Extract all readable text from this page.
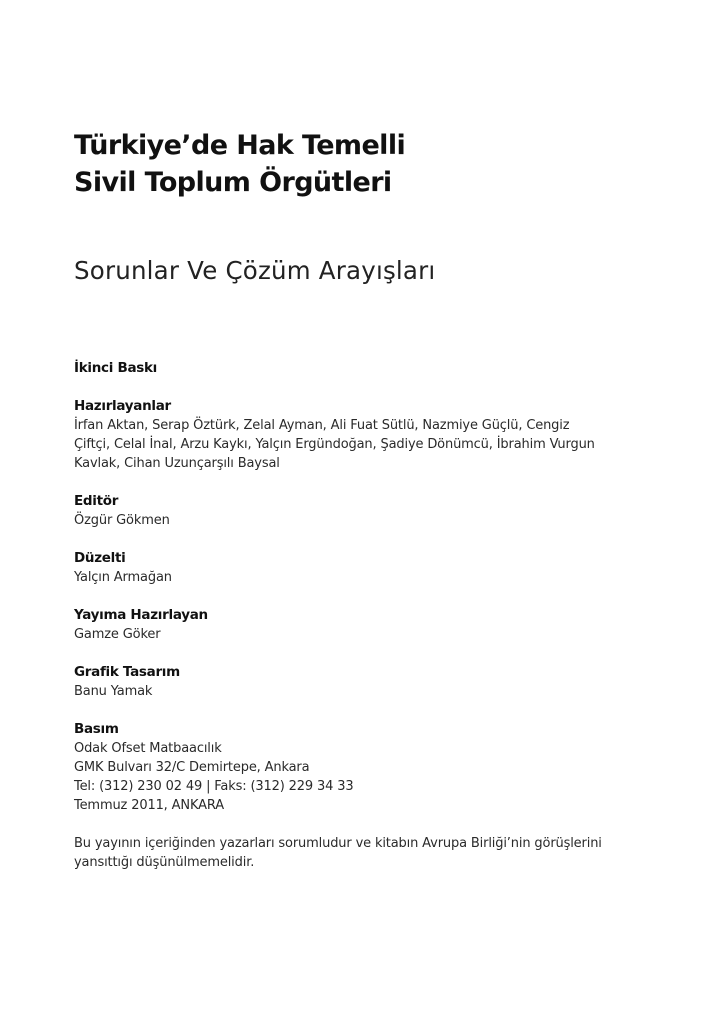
Türkiye’de Hak Temelli
Sivil Toplum Örgütleri
Sorunlar Ve Çözüm Arayışları
İkinci Baskı
Hazırlayanlar
İrfan Aktan, Serap Öztürk, Zelal Ayman, Ali Fuat Sütlü, Nazmiye Güçlü, Cengiz
Çiftçi, Celal İnal, Arzu Kaykı, Yalçın Ergündoğan, Şadiye Dönümcü, İbrahim Vurgun
Kavlak, Cihan Uzunçarşılı Baysal
Editör
Özgür Gökmen
Düzelti
Yalçın Armağan
Yayıma Hazırlayan
Gamze Göker
Grafik Tasarım
Banu Yamak
Basım
Odak Ofset Matbaacılık
GMK Bulvarı 32/C Demirtepe, Ankara
Tel: (312) 230 02 49 | Faks: (312) 229 34 33
Temmuz 2011, ANKARA
Bu yayının içeriğinden yazarları sorumludur ve kitabın Avrupa Birliği’nin görüşlerini
yansıttığı düşünülmemelidir.
